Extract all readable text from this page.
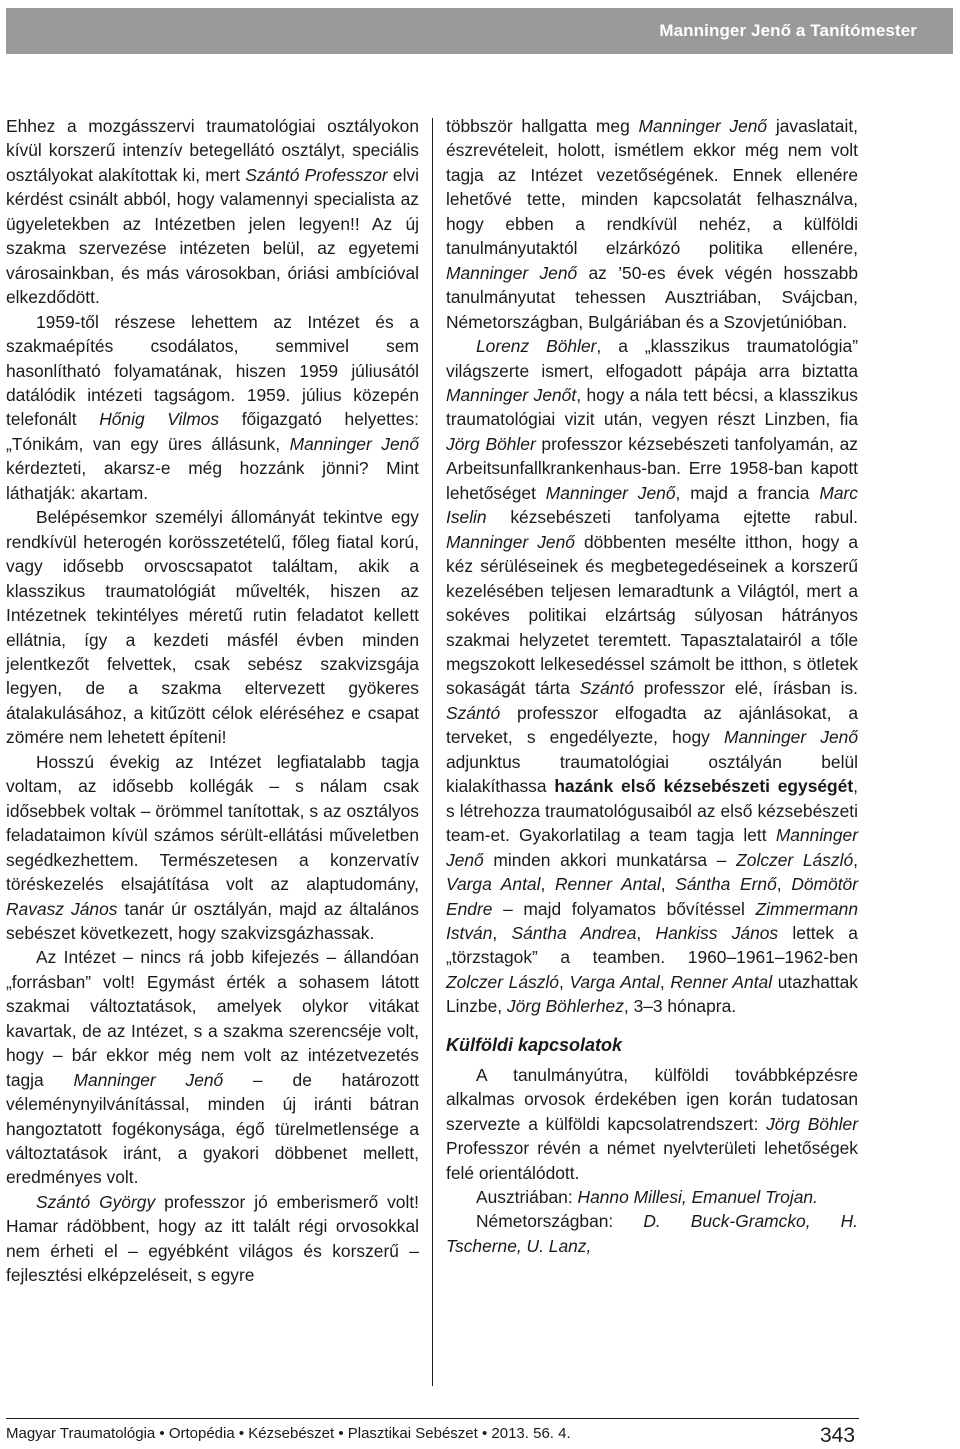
Manninger Jenő a Tanítómester

Ehhez a mozgásszervi traumatológiai osztályokon kívül korszerű intenzív betegellátó osztályt, speciális osztályokat alakítottak ki, mert Szántó Professzor elvi kérdést csinált abból, hogy valamennyi specialista az ügyeletekben az Intézetben jelen legyen!! Az új szakma szervezése intézeten belül, az egyetemi városainkban, és más városokban, óriási ambícióval elkezdődött.

1959-től részese lehettem az Intézet és a szakmaépítés csodálatos, semmivel sem hasonlítható folyamatának, hiszen 1959 júliusától datálódik intézeti tagságom. 1959. július közepén telefonált Hőnig Vilmos főigazgató helyettes: „Tónikám, van egy üres állásunk, Manninger Jenő kérdezteti, akarsz-e még hozzánk jönni? Mint láthatják: akartam.

Belépésemkor személyi állományát tekintve egy rendkívül heterogén korösszetételű, főleg fiatal korú, vagy idősebb orvoscsapatot találtam, akik a klasszikus traumatológiát művelték, hiszen az Intézetnek tekintélyes méretű rutin feladatot kellett ellátnia, így a kezdeti másfél évben minden jelentkezőt felvettek, csak sebész szakvizsgája legyen, de a szakma eltervezett gyökeres átalakulásához, a kitűzött célok eléréséhez e csapat zömére nem lehetett építeni!

Hosszú évekig az Intézet legfiatalabb tagja voltam, az idősebb kollégák – s nálam csak idősebbek voltak – örömmel tanítottak, s az osztályos feladataimon kívül számos sérült-ellátási műveletben segédkezhettem. Természetesen a konzervatív töréskezelés elsajátítása volt az alaptudomány, Ravasz János tanár úr osztályán, majd az általános sebészet következett, hogy szakvizsgázhassak.

Az Intézet – nincs rá jobb kifejezés – állandóan „forrásban” volt! Egymást érték a sohasem látott szakmai változtatások, amelyek olykor vitákat kavartak, de az Intézet, s a szakma szerencséje volt, hogy – bár ekkor még nem volt az intézetvezetés tagja Manninger Jenő – de határozott véleménynyilvánítással, minden új iránti bátran hangoztatott fogékonysága, égő türelmetlensége a változtatások iránt, a gyakori döbbenet mellett, eredményes volt.

Szántó György professzor jó emberismerő volt! Hamar rádöbbent, hogy az itt talált régi orvosokkal nem érheti el – egyébként világos és korszerű – fejlesztési elképzeléseit, s egyre

többször hallgatta meg Manninger Jenő javaslatait, észrevételeit, holott, ismétlem ekkor még nem volt tagja az Intézet vezetőségének. Ennek ellenére lehetővé tette, minden kapcsolatát felhasználva, hogy ebben a rendkívül nehéz, a külföldi tanulmányutaktól elzárkózó politika ellenére, Manninger Jenő az ’50-es évek végén hosszabb tanulmányutat tehessen Ausztriában, Svájcban, Németországban, Bulgáriában és a Szovjetúnióban.

Lorenz Böhler, a „klasszikus traumatológia” világszerte ismert, elfogadott pápája arra biztatta Manninger Jenőt, hogy a nála tett bécsi, a klasszikus traumatológiai vizit után, vegyen részt Linzben, fia Jörg Böhler professzor kézsebészeti tanfolyamán, az Arbeitsunfallkrankenhaus-ban. Erre 1958-ban kapott lehetőséget Manninger Jenő, majd a francia Marc Iselin kézsebészeti tanfolyama ejtette rabul. Manninger Jenő döbbenten mesélte itthon, hogy a kéz sérüléseinek és megbetegedéseinek a korszerű kezelésében teljesen lemaradtunk a Világtól, mert a sokéves politikai elzártság súlyosan hátrányos szakmai helyzetet teremtett. Tapasztalatairól a tőle megszokott lelkesedéssel számolt be itthon, s ötletek sokaságát tárta Szántó professzor elé, írásban is. Szántó professzor elfogadta az ajánlásokat, a terveket, s engedélyezte, hogy Manninger Jenő adjunktus traumatológiai osztályán belül kialakíthassa hazánk első kézsebészeti egységét, s létrehozza traumatológusaiból az első kézsebészeti team-et. Gyakorlatilag a team tagja lett Manninger Jenő minden akkori munkatársa – Zolczer László, Varga Antal, Renner Antal, Sántha Ernő, Dömötör Endre – majd folyamatos bővítéssel Zimmermann István, Sántha Andrea, Hankiss János lettek a „törzstagok” a teamben. 1960–1961–1962-ben Zolczer László, Varga Antal, Renner Antal utazhattak Linzbe, Jörg Böhlerhez, 3–3 hónapra.

Külföldi kapcsolatok

A tanulmányútra, külföldi továbbképzésre alkalmas orvosok érdekében igen korán tudatosan szervezte a külföldi kapcsolatrendszert: Jörg Böhler Professzor révén a német nyelvterületi lehetőségek felé orientálódott.

Ausztriában: Hanno Millesi, Emanuel Trojan.

Németországban: D. Buck-Gramcko, H. Tschernе, U. Lanz,

Magyar Traumatológia • Ortopédia • Kézsebészet • Plasztikai Sebészet • 2013. 56. 4.	343
